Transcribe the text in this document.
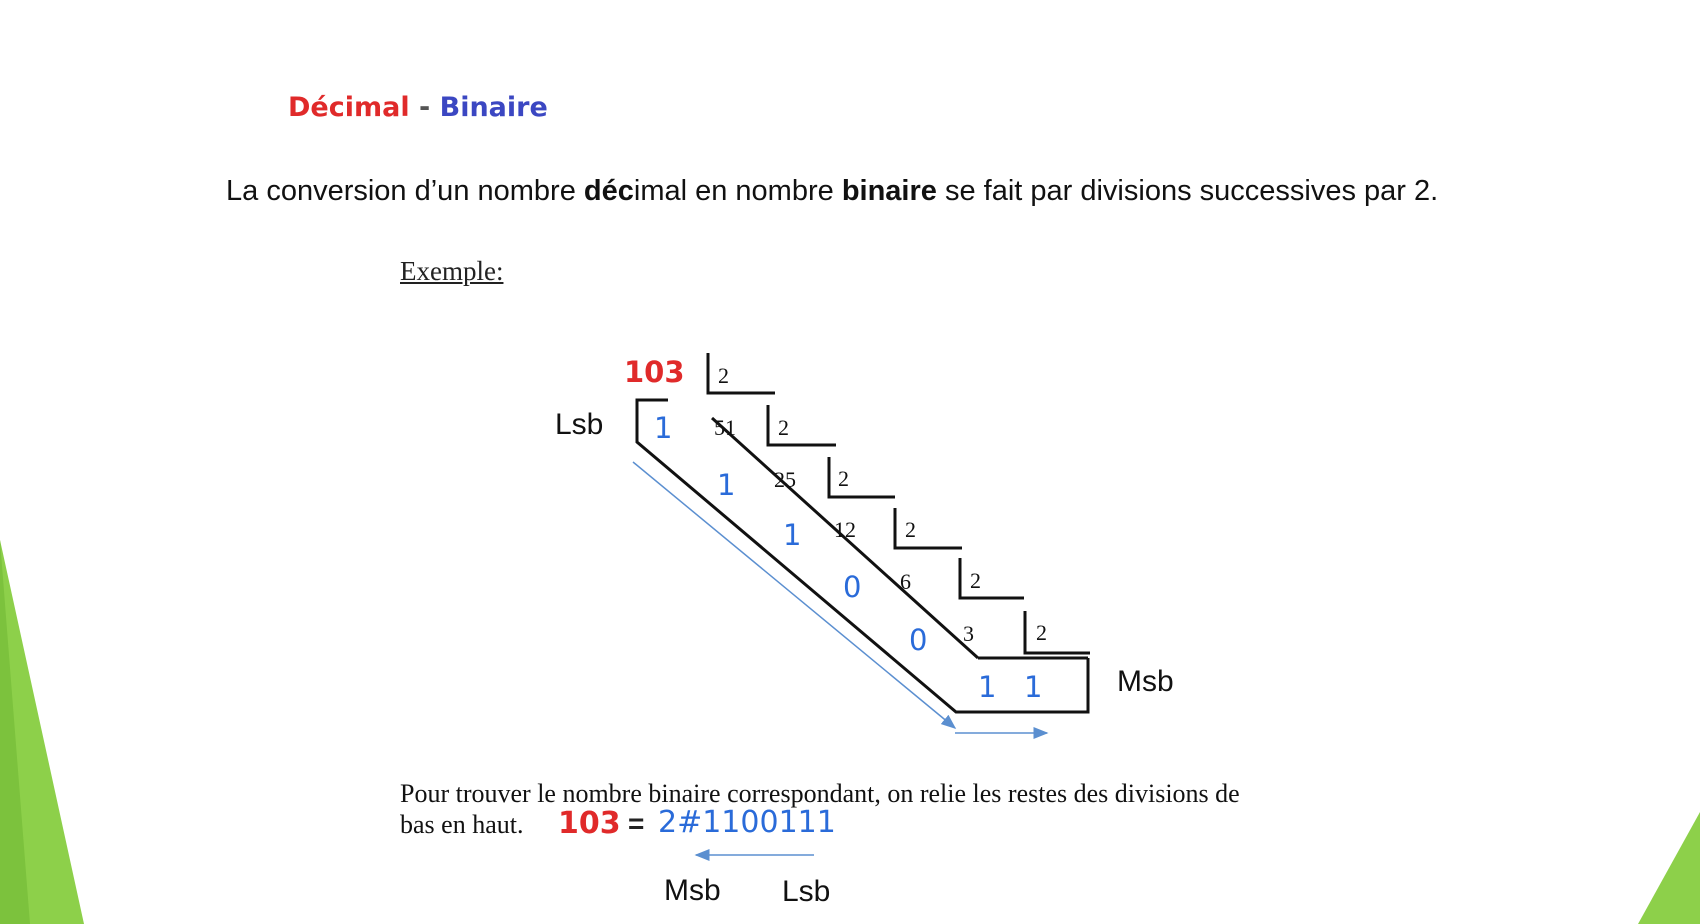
Décimal - Binaire
La conversion d’un nombre décimal en nombre binaire se fait par divisions successives par 2.
Exemple:
103 2
2
2
2
2
2
51
25
12
6
3
1
1
1
0
0
1 1
Lsb
Msb
Pour trouver le nombre binaire correspondant, on relie les restes des divisions de
bas en haut.	103 = 2#1100111
Msb Lsb
